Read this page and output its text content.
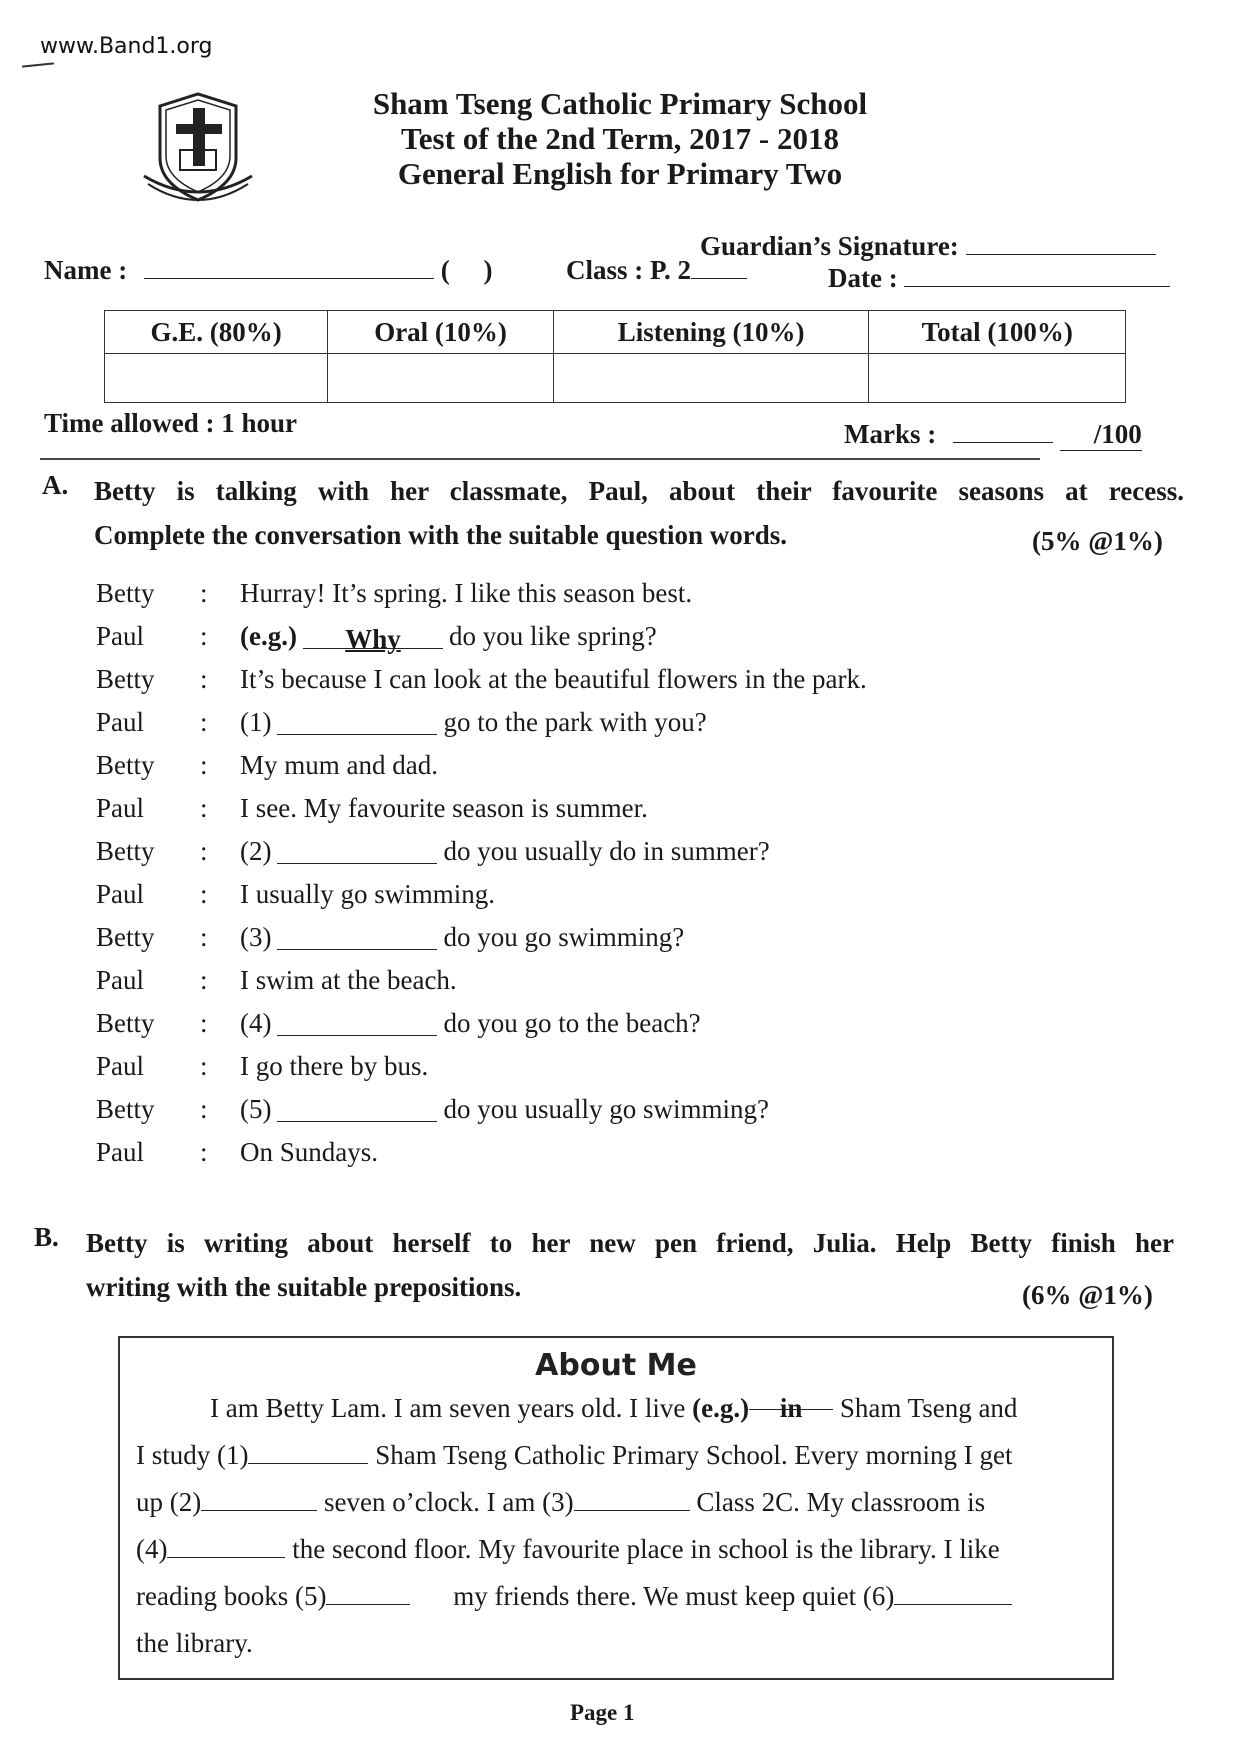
www.Band1.org
Sham Tseng Catholic Primary School
Test of the 2nd Term, 2017 - 2018
General English for Primary Two
Guardian’s Signature:
Name :	(     )	Class : P. 2	Date :
G.E. (80%)	Oral (10%)	Listening (10%)	Total (100%)

Time allowed : 1 hour	Marks :	/100
A. Betty is talking with her classmate, Paul, about their favourite seasons at recess.
Complete the conversation with the suitable question words.	(5% @1%)
Betty	:	Hurray! It’s spring. I like this season best.
Paul	:	(e.g.)	Why	do you like spring?
Betty	:	It’s because I can look at the beautiful flowers in the park.
Paul	:	(1)	go to the park with you?
Betty	:	My mum and dad.
Paul	:	I see. My favourite season is summer.
Betty	:	(2)	do you usually do in summer?
Paul	:	I usually go swimming.
Betty	:	(3)	do you go swimming?
Paul	:	I swim at the beach.
Betty	:	(4)	do you go to the beach?
Paul	:	I go there by bus.
Betty	:	(5)	do you usually go swimming?
Paul	:	On Sundays.
B. Betty is writing about herself to her new pen friend, Julia. Help Betty finish her
writing with the suitable prepositions.	(6% @1%)
About Me
I am Betty Lam. I am seven years old. I live (e.g.) in Sham Tseng and
I study (1)	Sham Tseng Catholic Primary School. Every morning I get
up (2)	seven o’clock. I am (3)	Class 2C. My classroom is
(4)	the second floor. My favourite place in school is the library. I like
reading books (5)	my friends there. We must keep quiet (6)
the library.
Page 1
